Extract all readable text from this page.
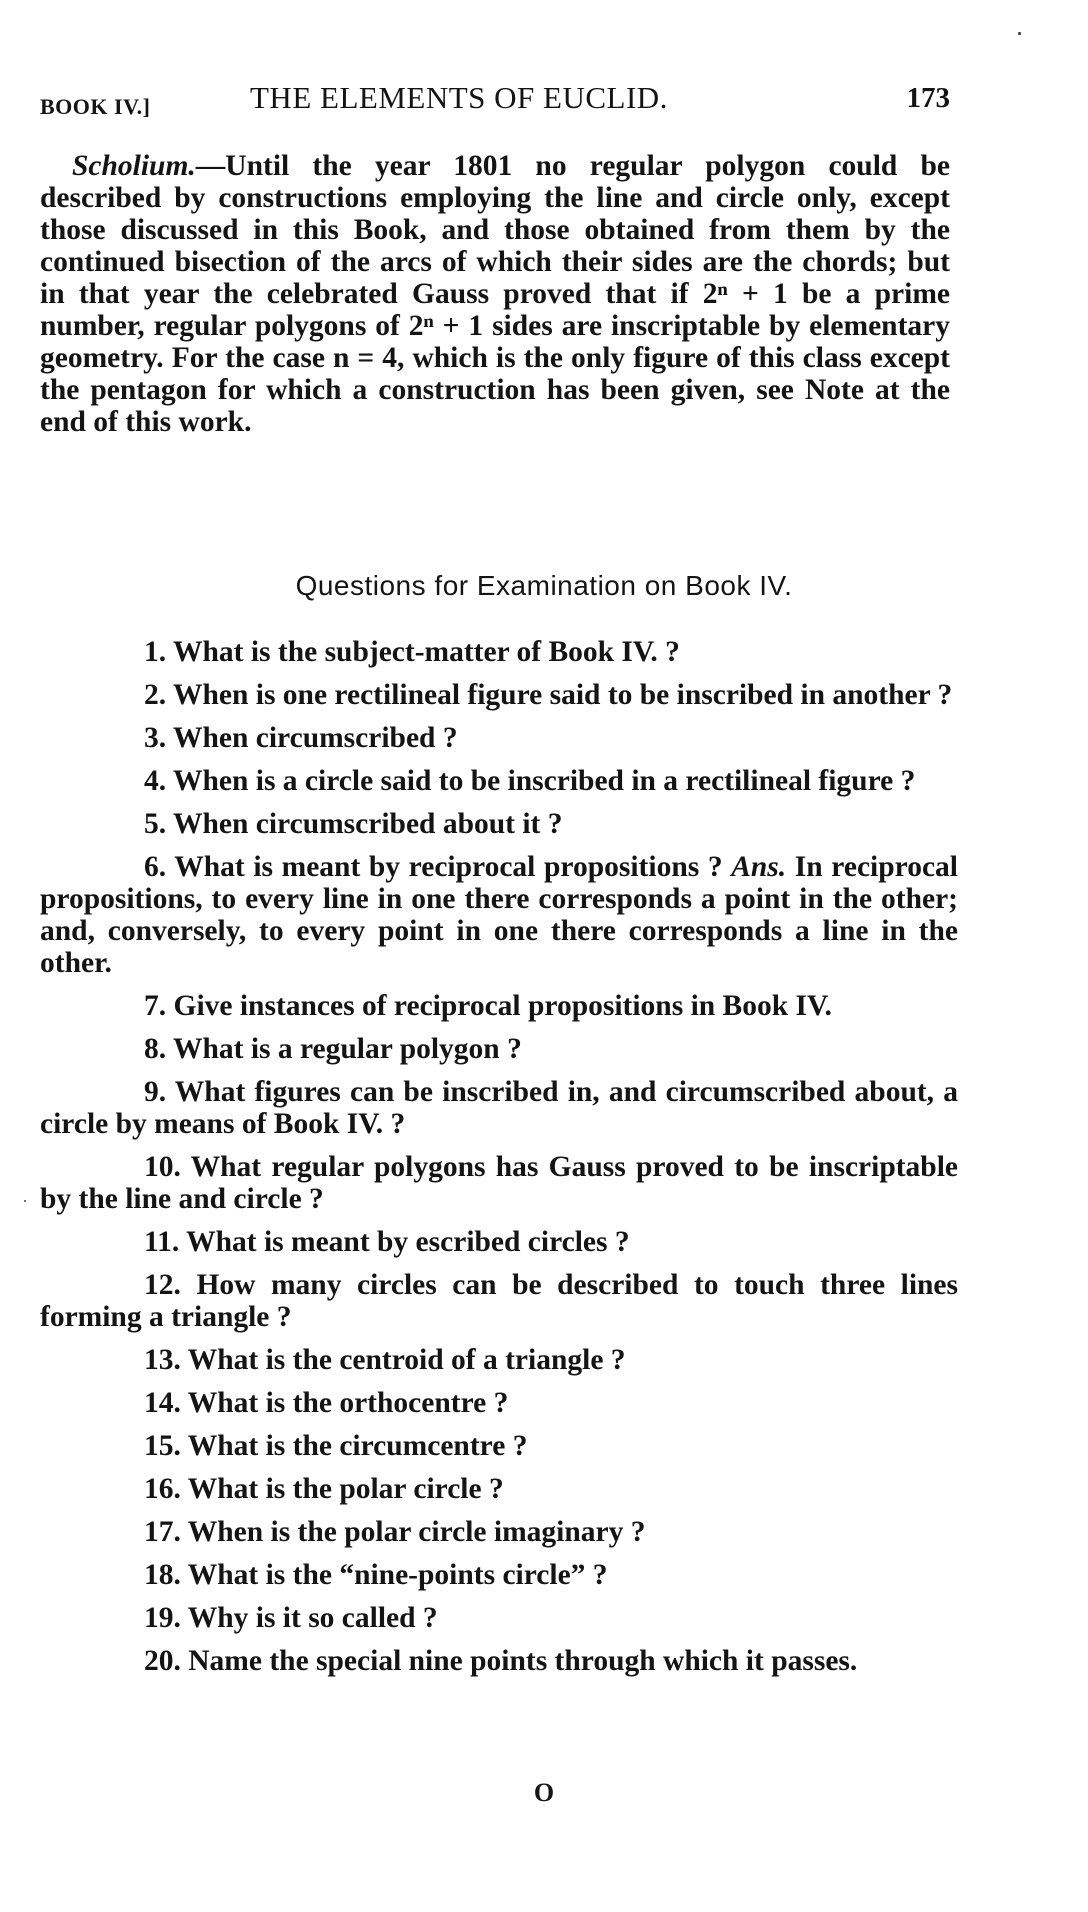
BOOK IV.]	THE ELEMENTS OF EUCLID.	173

Scholium.—Until the year 1801 no regular polygon could be described by constructions employing the line and circle only, except those discussed in this Book, and those obtained from them by the continued bisection of the arcs of which their sides are the chords; but in that year the celebrated Gauss proved that if 2ⁿ + 1 be a prime number, regular polygons of 2ⁿ + 1 sides are inscriptable by elementary geometry. For the case n = 4, which is the only figure of this class except the pentagon for which a construction has been given, see Note at the end of this work.

Questions for Examination on Book IV.
1. What is the subject-matter of Book IV. ?
2. When is one rectilineal figure said to be inscribed in another ?
3. When circumscribed ?
4. When is a circle said to be inscribed in a rectilineal figure ?
5. When circumscribed about it ?
6. What is meant by reciprocal propositions ? Ans. In reciprocal propositions, to every line in one there corresponds a point in the other; and, conversely, to every point in one there corresponds a line in the other.
7. Give instances of reciprocal propositions in Book IV.
8. What is a regular polygon ?
9. What figures can be inscribed in, and circumscribed about, a circle by means of Book IV. ?
10. What regular polygons has Gauss proved to be inscriptable by the line and circle ?
11. What is meant by escribed circles ?
12. How many circles can be described to touch three lines forming a triangle ?
13. What is the centroid of a triangle ?
14. What is the orthocentre ?
15. What is the circumcentre ?
16. What is the polar circle ?
17. When is the polar circle imaginary ?
18. What is the “nine-points circle” ?
19. Why is it so called ?
20. Name the special nine points through which it passes.
O
